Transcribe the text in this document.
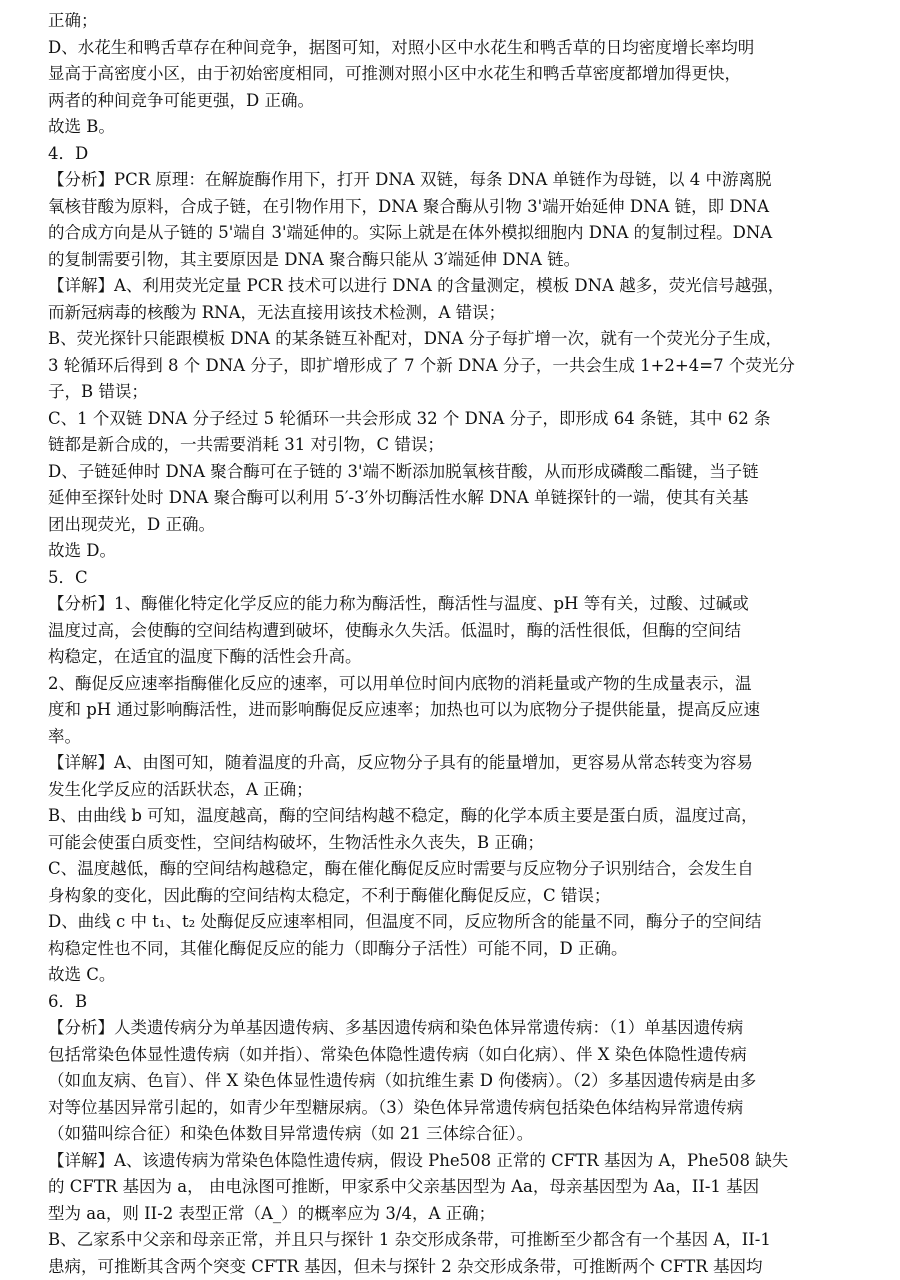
正确；
D、水花生和鸭舌草存在种间竞争，据图可知，对照小区中水花生和鸭舌草的日均密度增长率均明
显高于高密度小区，由于初始密度相同，可推测对照小区中水花生和鸭舌草密度都增加得更快，
两者的种间竞争可能更强，D 正确。
故选 B。
4．D
【分析】PCR 原理：在解旋酶作用下，打开 DNA 双链，每条 DNA 单链作为母链，以 4 中游离脱
氧核苷酸为原料，合成子链，在引物作用下，DNA 聚合酶从引物 3'端开始延伸 DNA 链，即 DNA
的合成方向是从子链的 5'端自 3'端延伸的。实际上就是在体外模拟细胞内 DNA 的复制过程。DNA
的复制需要引物，其主要原因是 DNA 聚合酶只能从 3′端延伸 DNA 链。
【详解】A、利用荧光定量 PCR 技术可以进行 DNA 的含量测定，模板 DNA 越多，荧光信号越强，
而新冠病毒的核酸为 RNA，无法直接用该技术检测，A 错误；
B、荧光探针只能跟模板 DNA 的某条链互补配对，DNA 分子每扩增一次，就有一个荧光分子生成，
3 轮循环后得到 8 个 DNA 分子，即扩增形成了 7 个新 DNA 分子，一共会生成 1+2+4=7 个荧光分
子，B 错误；
C、1 个双链 DNA 分子经过 5 轮循环一共会形成 32 个 DNA 分子，即形成 64 条链，其中 62 条
链都是新合成的，一共需要消耗 31 对引物，C 错误；
D、子链延伸时 DNA 聚合酶可在子链的 3'端不断添加脱氧核苷酸，从而形成磷酸二酯键，当子链
延伸至探针处时 DNA 聚合酶可以利用 5′-3′外切酶活性水解 DNA 单链探针的一端，使其有关基
团出现荧光，D 正确。
故选 D。
5．C
【分析】1、酶催化特定化学反应的能力称为酶活性，酶活性与温度、pH 等有关，过酸、过碱或
温度过高，会使酶的空间结构遭到破坏，使酶永久失活。低温时，酶的活性很低，但酶的空间结
构稳定，在适宜的温度下酶的活性会升高。
2、酶促反应速率指酶催化反应的速率，可以用单位时间内底物的消耗量或产物的生成量表示，温
度和 pH 通过影响酶活性，进而影响酶促反应速率；加热也可以为底物分子提供能量，提高反应速
率。
【详解】A、由图可知，随着温度的升高，反应物分子具有的能量增加，更容易从常态转变为容易
发生化学反应的活跃状态，A 正确；
B、由曲线 b 可知，温度越高，酶的空间结构越不稳定，酶的化学本质主要是蛋白质，温度过高，
可能会使蛋白质变性，空间结构破坏，生物活性永久丧失，B 正确；
C、温度越低，酶的空间结构越稳定，酶在催化酶促反应时需要与反应物分子识别结合，会发生自
身构象的变化，因此酶的空间结构太稳定，不利于酶催化酶促反应，C 错误；
D、曲线 c 中 t₁、t₂ 处酶促反应速率相同，但温度不同，反应物所含的能量不同，酶分子的空间结
构稳定性也不同，其催化酶促反应的能力（即酶分子活性）可能不同，D 正确。
故选 C。
6．B
【分析】人类遗传病分为单基因遗传病、多基因遗传病和染色体异常遗传病：（1）单基因遗传病
包括常染色体显性遗传病（如并指）、常染色体隐性遗传病（如白化病）、伴 X 染色体隐性遗传病
（如血友病、色盲）、伴 X 染色体显性遗传病（如抗维生素 D 佝偻病）。（2）多基因遗传病是由多
对等位基因异常引起的，如青少年型糖尿病。（3）染色体异常遗传病包括染色体结构异常遗传病
（如猫叫综合征）和染色体数目异常遗传病（如 21 三体综合征）。
【详解】A、该遗传病为常染色体隐性遗传病，假设 Phe508 正常的 CFTR 基因为 A，Phe508 缺失
的 CFTR 基因为 a， 由电泳图可推断，甲家系中父亲基因型为 Aa，母亲基因型为 Aa，II-1 基因
型为 aa，则 II-2 表型正常（A_）的概率应为 3/4，A 正确；
B、乙家系中父亲和母亲正常，并且只与探针 1 杂交形成条带，可推断至少都含有一个基因 A，II-1
患病，可推断其含两个突变 CFTR 基因，但未与探针 2 杂交形成条带，可推断两个 CFTR 基因均
